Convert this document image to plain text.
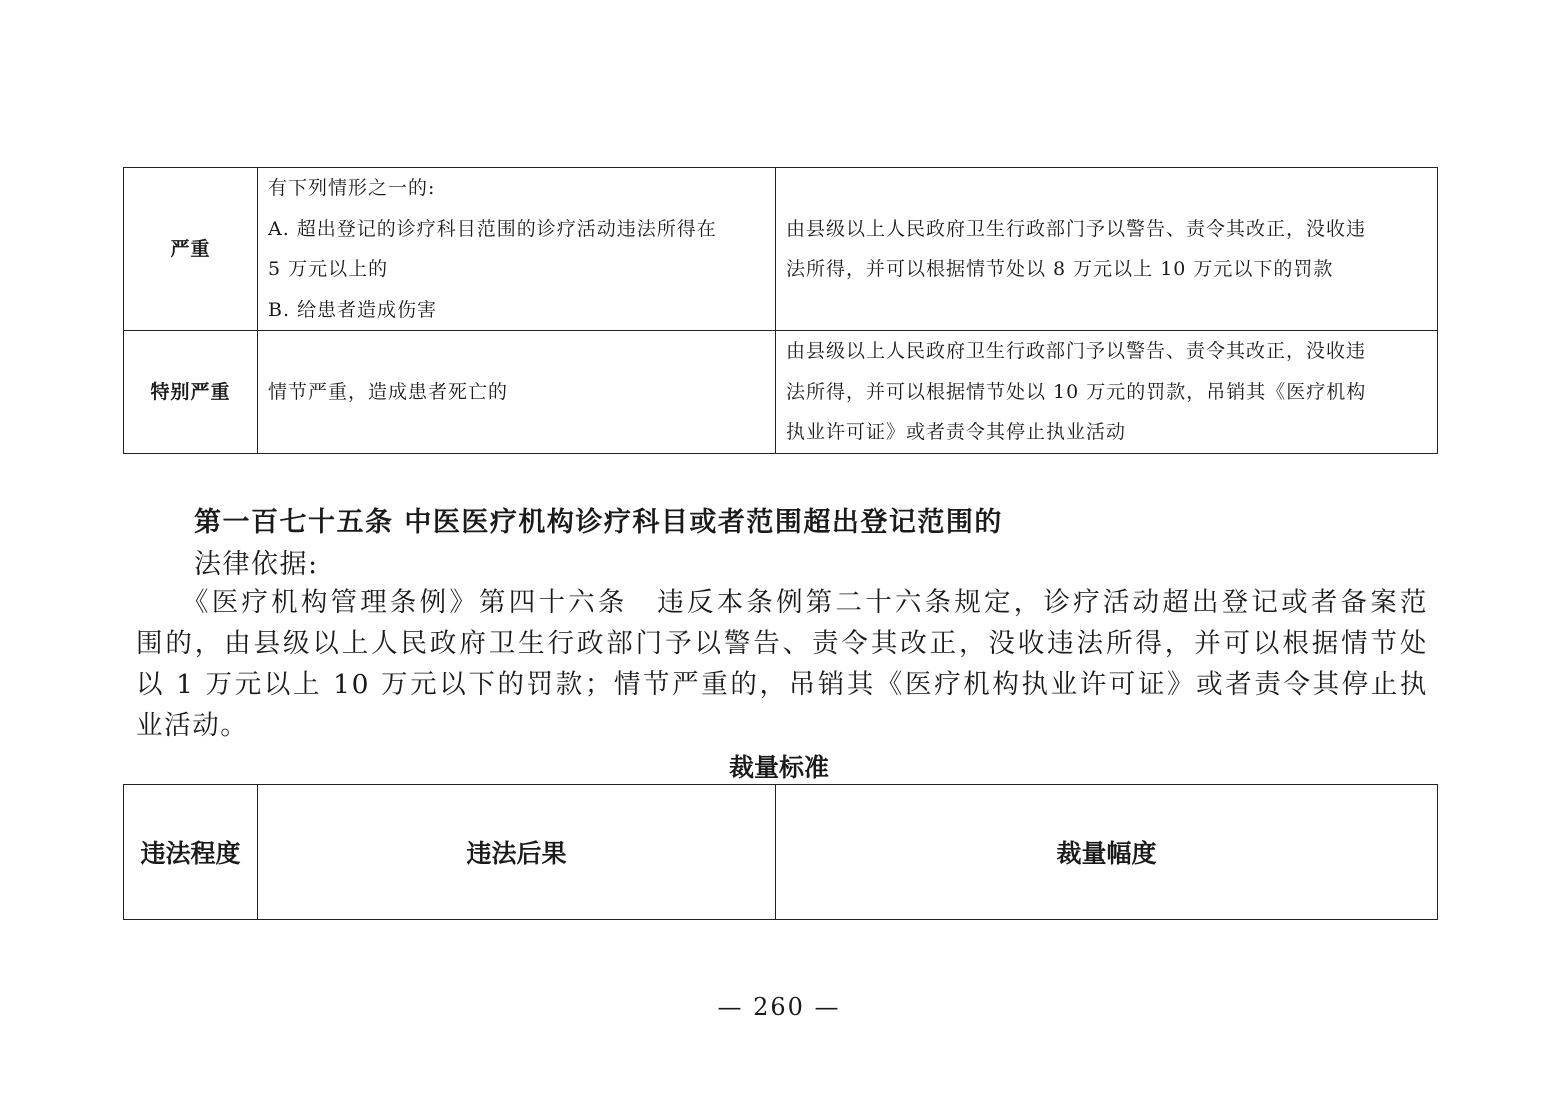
严重	有下列情形之一的:
A. 超出登记的诊疗科目范围的诊疗活动违法所得在
5 万元以上的
B. 给患者造成伤害	由县级以上人民政府卫生行政部门予以警告、责令其改正，没收违
法所得，并可以根据情节处以 8 万元以上 10 万元以下的罚款

特别严重	情节严重，造成患者死亡的	由县级以上人民政府卫生行政部门予以警告、责令其改正，没收违
法所得，并可以根据情节处以 10 万元的罚款，吊销其《医疗机构
执业许可证》或者责令其停止执业活动
第一百七十五条 中医医疗机构诊疗科目或者范围超出登记范围的
法律依据:
《医疗机构管理条例》第四十六条　违反本条例第二十六条规定，诊疗活动超出登记或者备案范
围的，由县级以上人民政府卫生行政部门予以警告、责令其改正，没收违法所得，并可以根据情节处
以 1 万元以上 10 万元以下的罚款；情节严重的，吊销其《医疗机构执业许可证》或者责令其停止执
业活动。
裁量标准
违法程度	违法后果	裁量幅度
— 260 —
